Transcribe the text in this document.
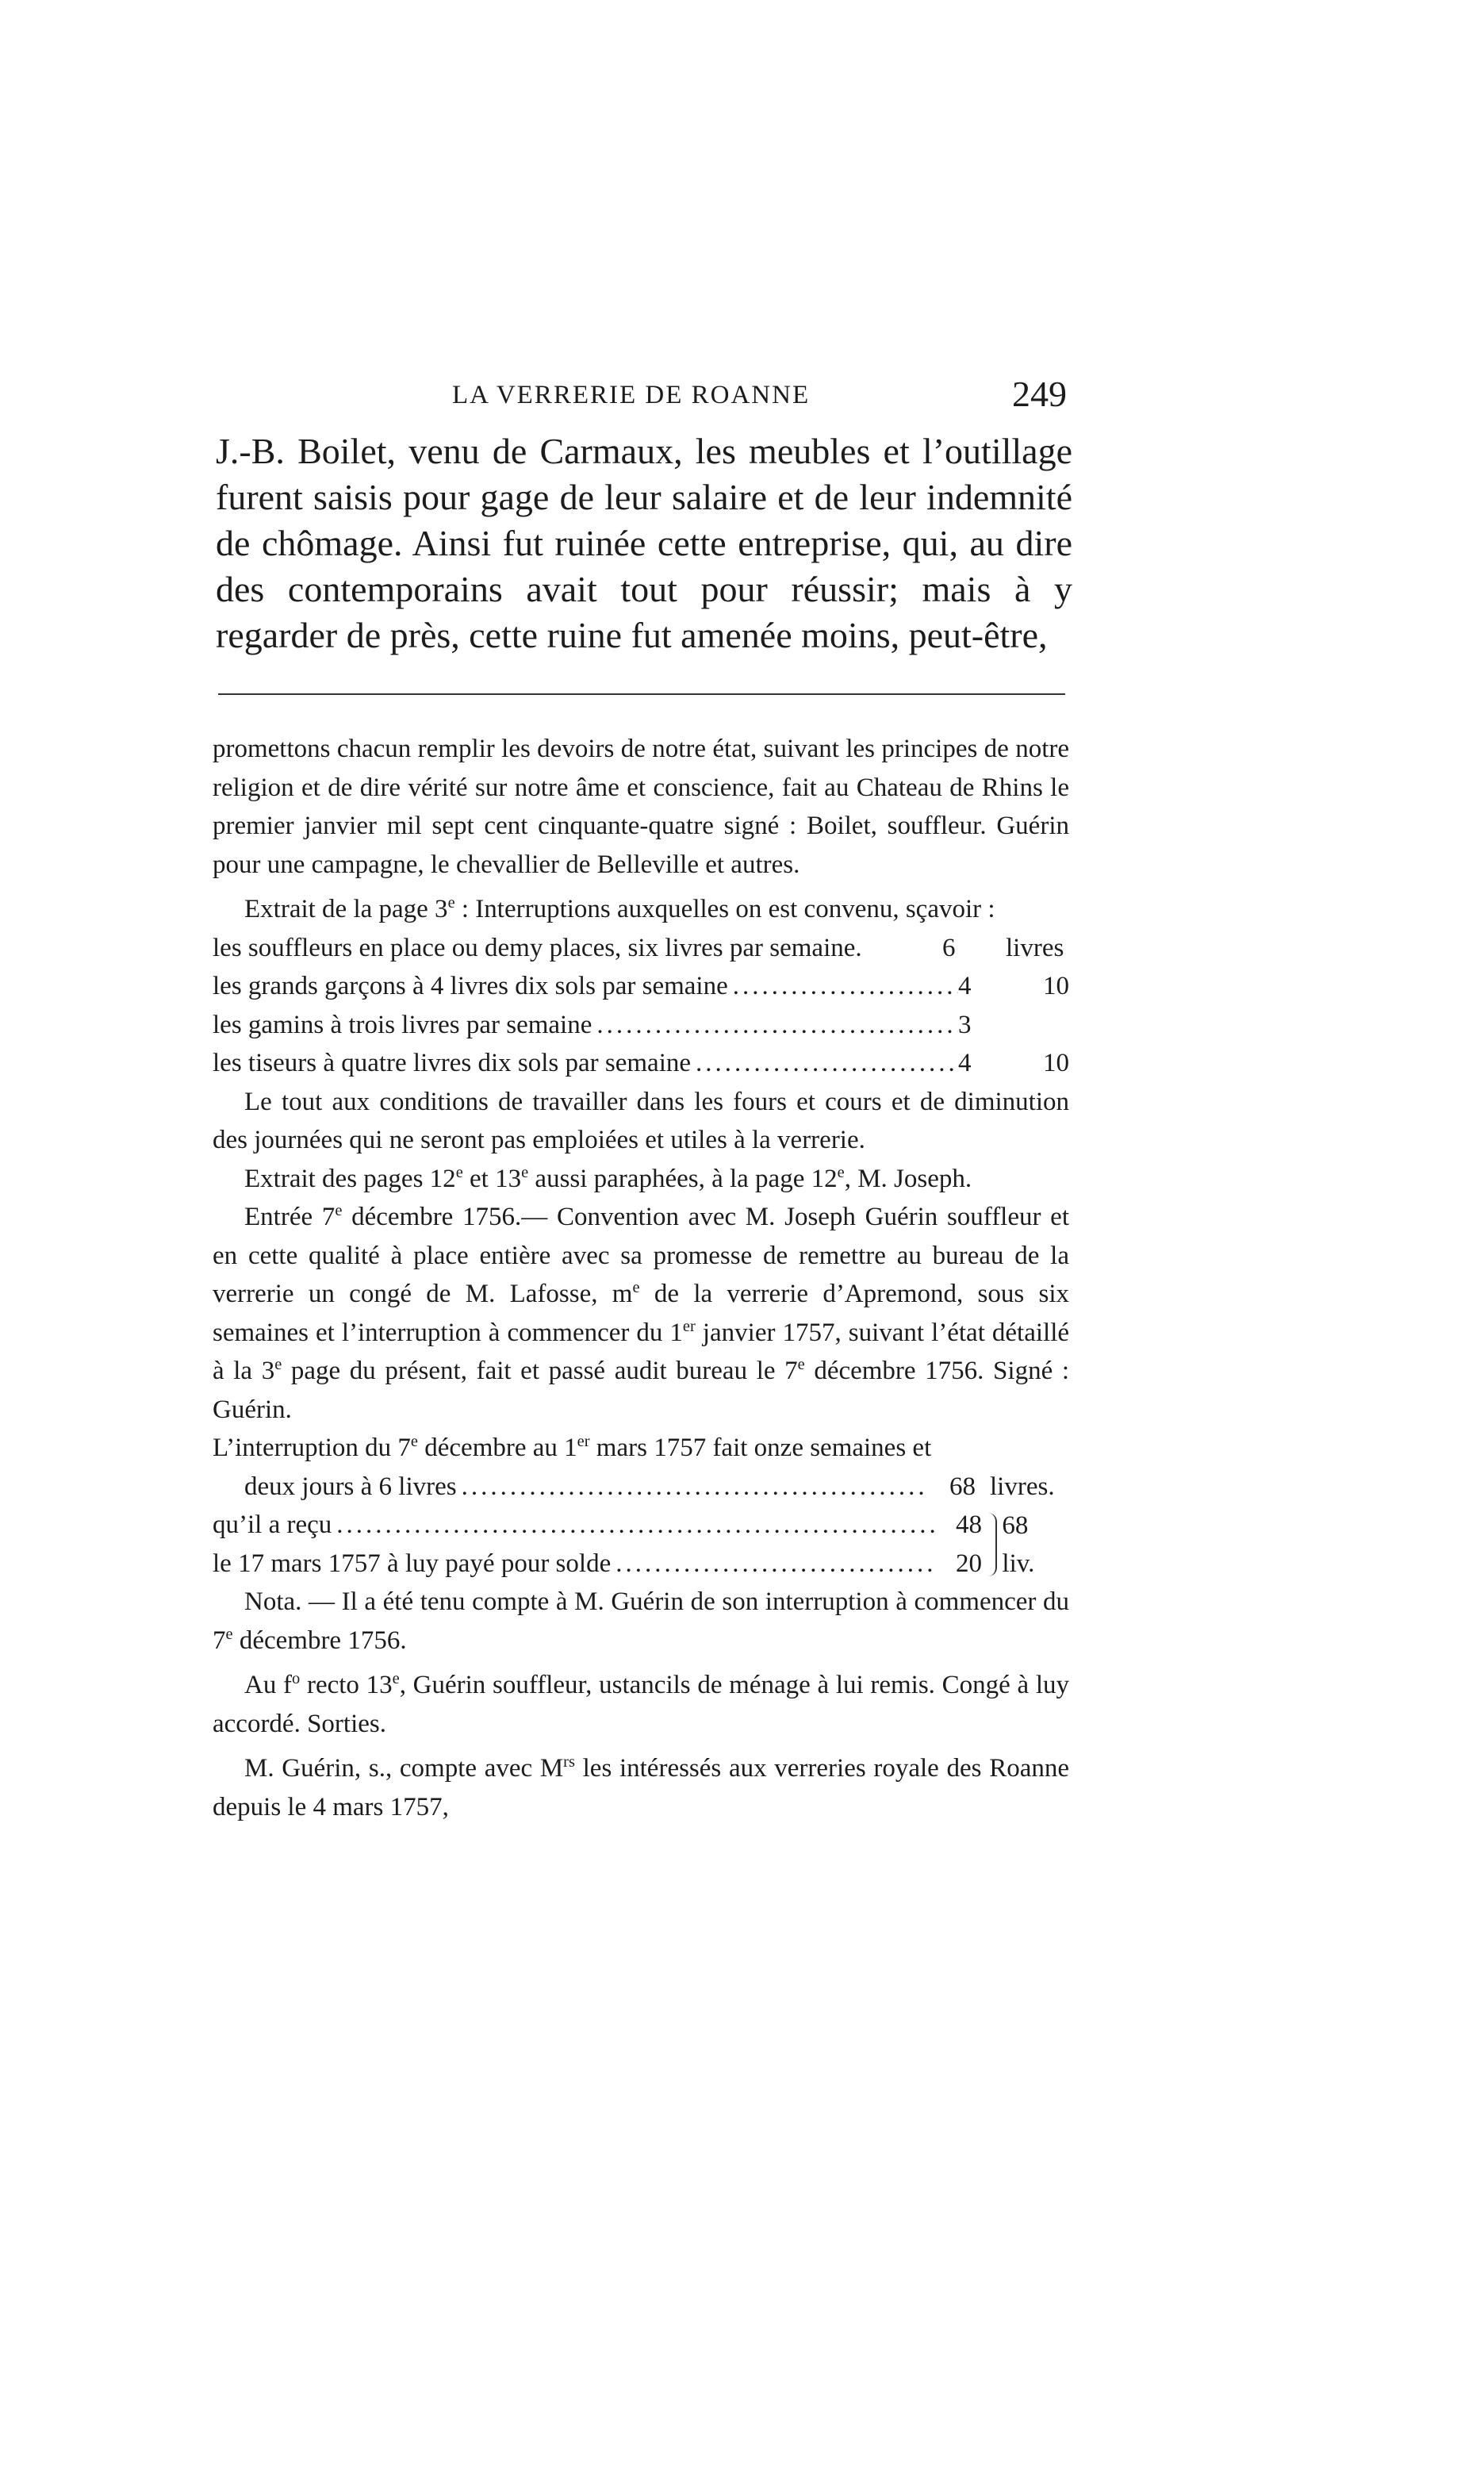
LA VERRERIE DE ROANNE	249

J.-B. Boilet, venu de Carmaux, les meubles et l’outillage furent saisis pour gage de leur salaire et de leur indemnité de chômage. Ainsi fut ruinée cette entreprise, qui, au dire des contemporains avait tout pour réussir; mais à y regarder de près, cette ruine fut amenée moins, peut-être,

promettons chacun remplir les devoirs de notre état, suivant les principes de notre religion et de dire vérité sur notre âme et conscience, fait au Chateau de Rhins le premier janvier mil sept cent cinquante-quatre signé : Boilet, souffleur. Guérin pour une campagne, le chevallier de Belleville et autres.

Extrait de la page 3e : Interruptions auxquelles on est convenu, sçavoir :

les souffleurs en place ou demy places, six livres par semaine.	6	livres
les grands garçons à 4 livres dix sols par semaine .....	4	10
les gamins à trois livres par semaine .....	3
les tiseurs à quatre livres dix sols par semaine .....	4	10

Le tout aux conditions de travailler dans les fours et cours et de diminution des journées qui ne seront pas emploiées et utiles à la verrerie.

Extrait des pages 12e et 13e aussi paraphées, à la page 12e, M. Joseph.

Entrée 7e décembre 1756.— Convention avec M. Joseph Guérin souffleur et en cette qualité à place entière avec sa promesse de remettre au bureau de la verrerie un congé de M. Lafosse, $m^e$ de la verrerie d’Apremond, sous six semaines et l’interruption à commencer du 1er janvier 1757, suivant l’état détaillé à la 3e page du présent, fait et passé audit bureau le 7e décembre 1756. Signé : Guérin.

L’interruption du 7e décembre au 1er mars 1757 fait onze semaines et

deux jours à 6 livres .....	68 livres.
qu’il a reçu .....	48
le 17 mars 1757 à luy payé pour solde .....	20
68 liv.

Nota. — Il a été tenu compte à M. Guérin de son interruption à commencer du 7e décembre 1756.

Au $f^o$ recto 13e, Guérin souffleur, ustancils de ménage à lui remis. Congé à luy accordé. Sorties.

M. Guérin, s., compte avec $M^{rs}$ les intéressés aux verreries royale des Roanne depuis le 4 mars 1757,
